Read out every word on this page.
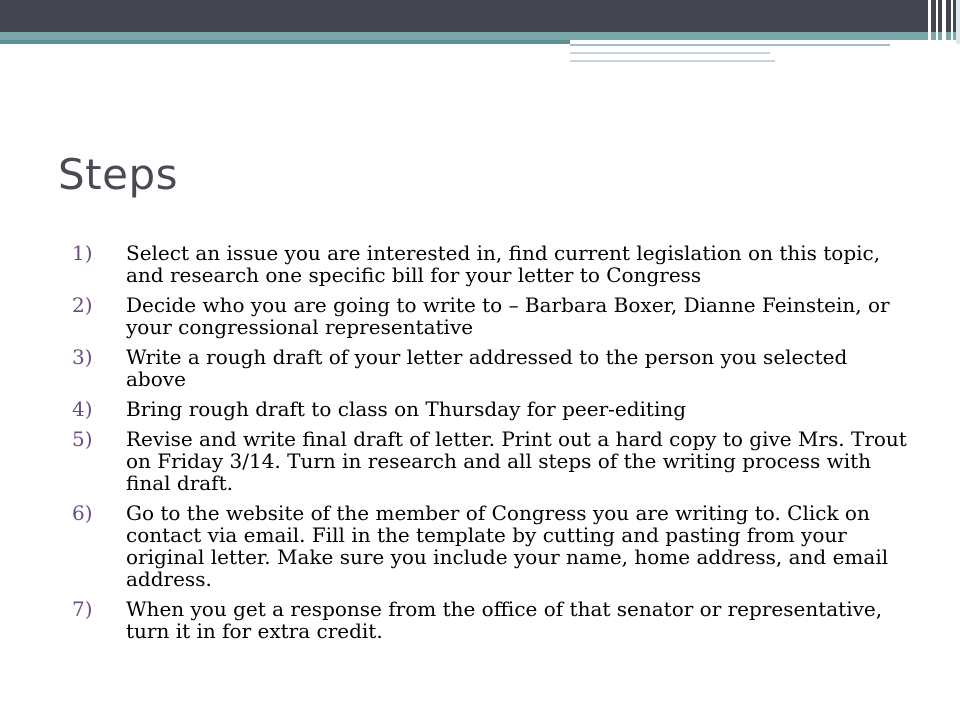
Steps
1) Select an issue you are interested in, find current legislation on this topic, and research one specific bill for your letter to Congress
2) Decide who you are going to write to – Barbara Boxer, Dianne Feinstein, or your congressional representative
3) Write a rough draft of your letter addressed to the person you selected above
4) Bring rough draft to class on Thursday for peer-editing
5) Revise and write final draft of letter. Print out a hard copy to give Mrs. Trout on Friday 3/14. Turn in research and all steps of the writing process with final draft.
6) Go to the website of the member of Congress you are writing to. Click on contact via email. Fill in the template by cutting and pasting from your original letter. Make sure you include your name, home address, and email address.
7) When you get a response from the office of that senator or representative, turn it in for extra credit.
